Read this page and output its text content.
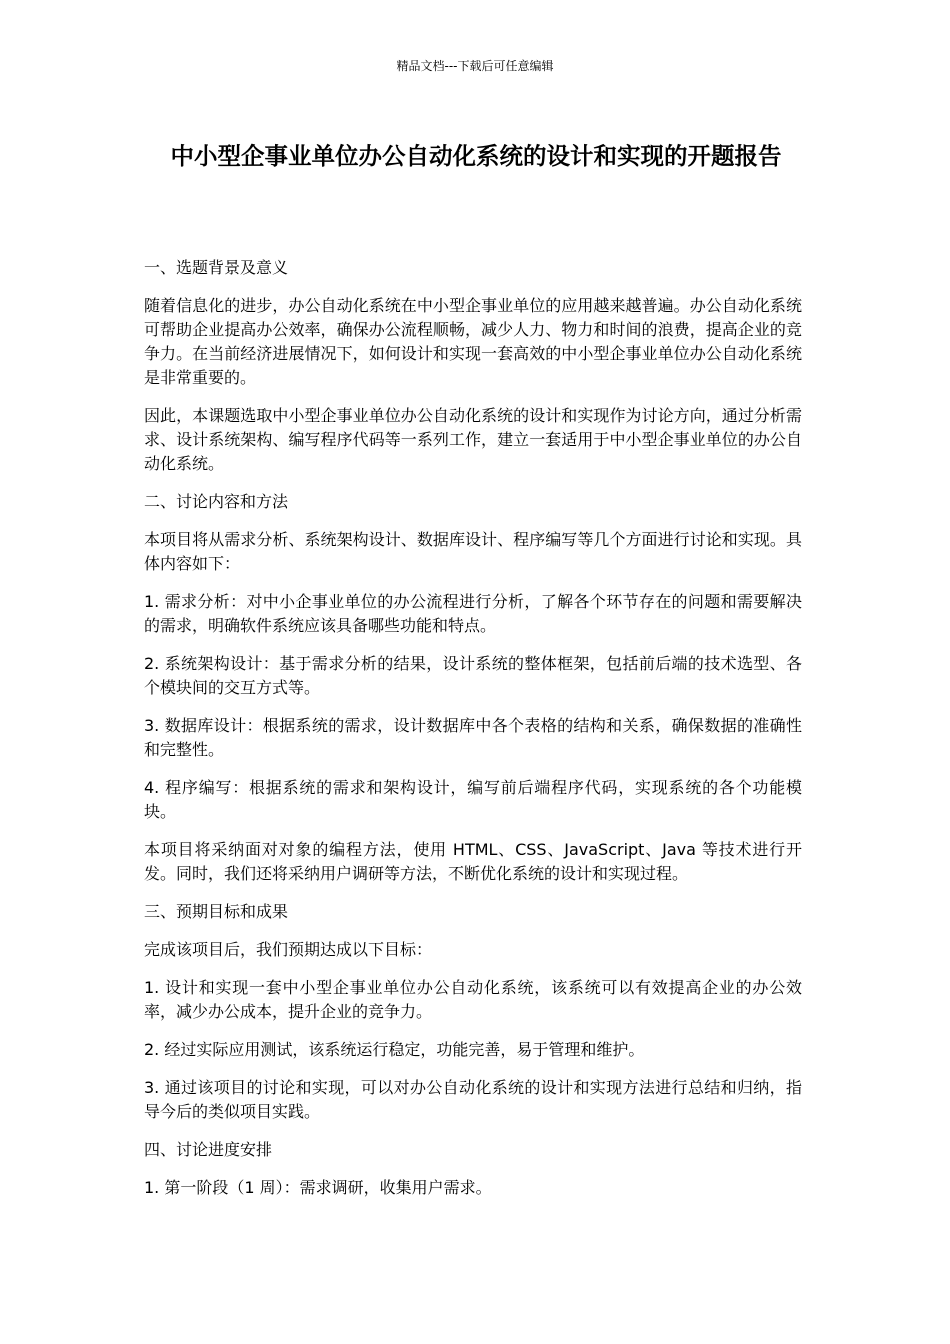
精品文档---下载后可任意编辑
中小型企事业单位办公自动化系统的设计和实现的开题报告
一、选题背景及意义

随着信息化的进步，办公自动化系统在中小型企事业单位的应用越来越普遍。办公自动化系统可帮助企业提高办公效率，确保办公流程顺畅，减少人力、物力和时间的浪费，提高企业的竞争力。在当前经济进展情况下，如何设计和实现一套高效的中小型企事业单位办公自动化系统是非常重要的。

因此，本课题选取中小型企事业单位办公自动化系统的设计和实现作为讨论方向，通过分析需求、设计系统架构、编写程序代码等一系列工作，建立一套适用于中小型企事业单位的办公自动化系统。

二、讨论内容和方法

本项目将从需求分析、系统架构设计、数据库设计、程序编写等几个方面进行讨论和实现。具体内容如下：

1. 需求分析：对中小企事业单位的办公流程进行分析，了解各个环节存在的问题和需要解决的需求，明确软件系统应该具备哪些功能和特点。

2. 系统架构设计：基于需求分析的结果，设计系统的整体框架，包括前后端的技术选型、各个模块间的交互方式等。

3. 数据库设计：根据系统的需求，设计数据库中各个表格的结构和关系，确保数据的准确性和完整性。

4. 程序编写：根据系统的需求和架构设计，编写前后端程序代码，实现系统的各个功能模块。

本项目将采纳面对对象的编程方法，使用 HTML、CSS、JavaScript、Java 等技术进行开发。同时，我们还将采纳用户调研等方法，不断优化系统的设计和实现过程。

三、预期目标和成果

完成该项目后，我们预期达成以下目标：

1. 设计和实现一套中小型企事业单位办公自动化系统，该系统可以有效提高企业的办公效率，减少办公成本，提升企业的竞争力。

2. 经过实际应用测试，该系统运行稳定，功能完善，易于管理和维护。

3. 通过该项目的讨论和实现，可以对办公自动化系统的设计和实现方法进行总结和归纳，指导今后的类似项目实践。

四、讨论进度安排

1. 第一阶段（1 周）：需求调研，收集用户需求。
